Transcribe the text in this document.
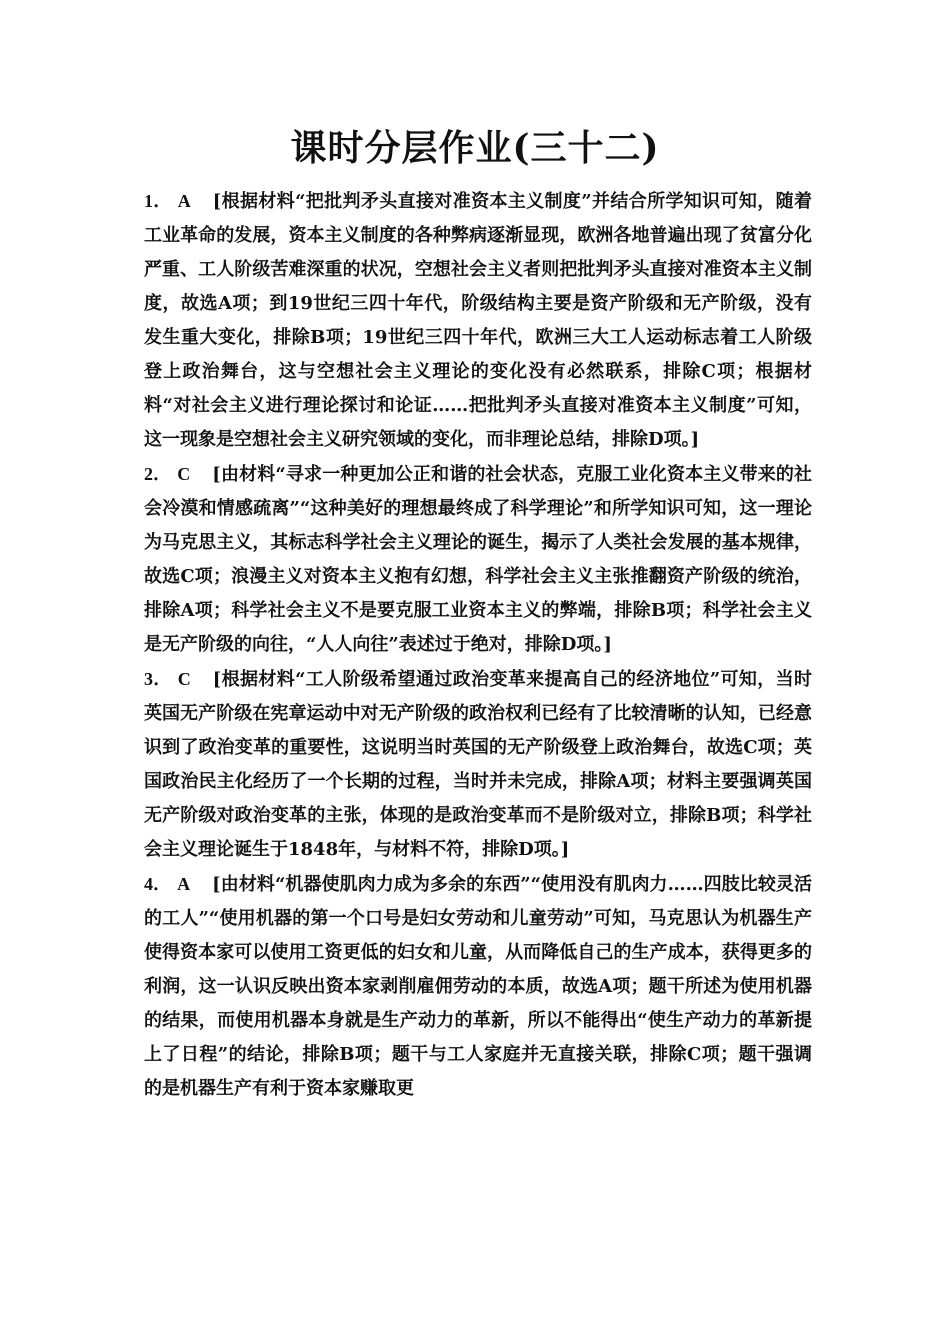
课时分层作业(三十二)

1． A [根据材料“把批判矛头直接对准资本主义制度”并结合所学知识可知，随着工业革命的发展，资本主义制度的各种弊病逐渐显现，欧洲各地普遍出现了贫富分化严重、工人阶级苦难深重的状况，空想社会主义者则把批判矛头直接对准资本主义制度，故选A项；到19世纪三四十年代，阶级结构主要是资产阶级和无产阶级，没有发生重大变化，排除B项；19世纪三四十年代，欧洲三大工人运动标志着工人阶级登上政治舞台，这与空想社会主义理论的变化没有必然联系，排除C项；根据材料“对社会主义进行理论探讨和论证……把批判矛头直接对准资本主义制度”可知，这一现象是空想社会主义研究领域的变化，而非理论总结，排除D项。]

2． C [由材料“寻求一种更加公正和谐的社会状态，克服工业化资本主义带来的社会冷漠和情感疏离”“这种美好的理想最终成了科学理论”和所学知识可知，这一理论为马克思主义，其标志科学社会主义理论的诞生，揭示了人类社会发展的基本规律，故选C项；浪漫主义对资本主义抱有幻想，科学社会主义主张推翻资产阶级的统治，排除A项；科学社会主义不是要克服工业资本主义的弊端，排除B项；科学社会主义是无产阶级的向往，“人人向往”表述过于绝对，排除D项。]

3． C [根据材料“工人阶级希望通过政治变革来提高自己的经济地位”可知，当时英国无产阶级在宪章运动中对无产阶级的政治权利已经有了比较清晰的认知，已经意识到了政治变革的重要性，这说明当时英国的无产阶级登上政治舞台，故选C项；英国政治民主化经历了一个长期的过程，当时并未完成，排除A项；材料主要强调英国无产阶级对政治变革的主张，体现的是政治变革而不是阶级对立，排除B项；科学社会主义理论诞生于1848年，与材料不符，排除D项。]

4． A [由材料“机器使肌肉力成为多余的东西”“使用没有肌肉力……四肢比较灵活的工人”“使用机器的第一个口号是妇女劳动和儿童劳动”可知，马克思认为机器生产使得资本家可以使用工资更低的妇女和儿童，从而降低自己的生产成本，获得更多的利润，这一认识反映出资本家剥削雇佣劳动的本质，故选A项；题干所述为使用机器的结果，而使用机器本身就是生产动力的革新，所以不能得出“使生产动力的革新提上了日程”的结论，排除B项；题干与工人家庭并无直接关联，排除C项；题干强调的是机器生产有利于资本家赚取更
